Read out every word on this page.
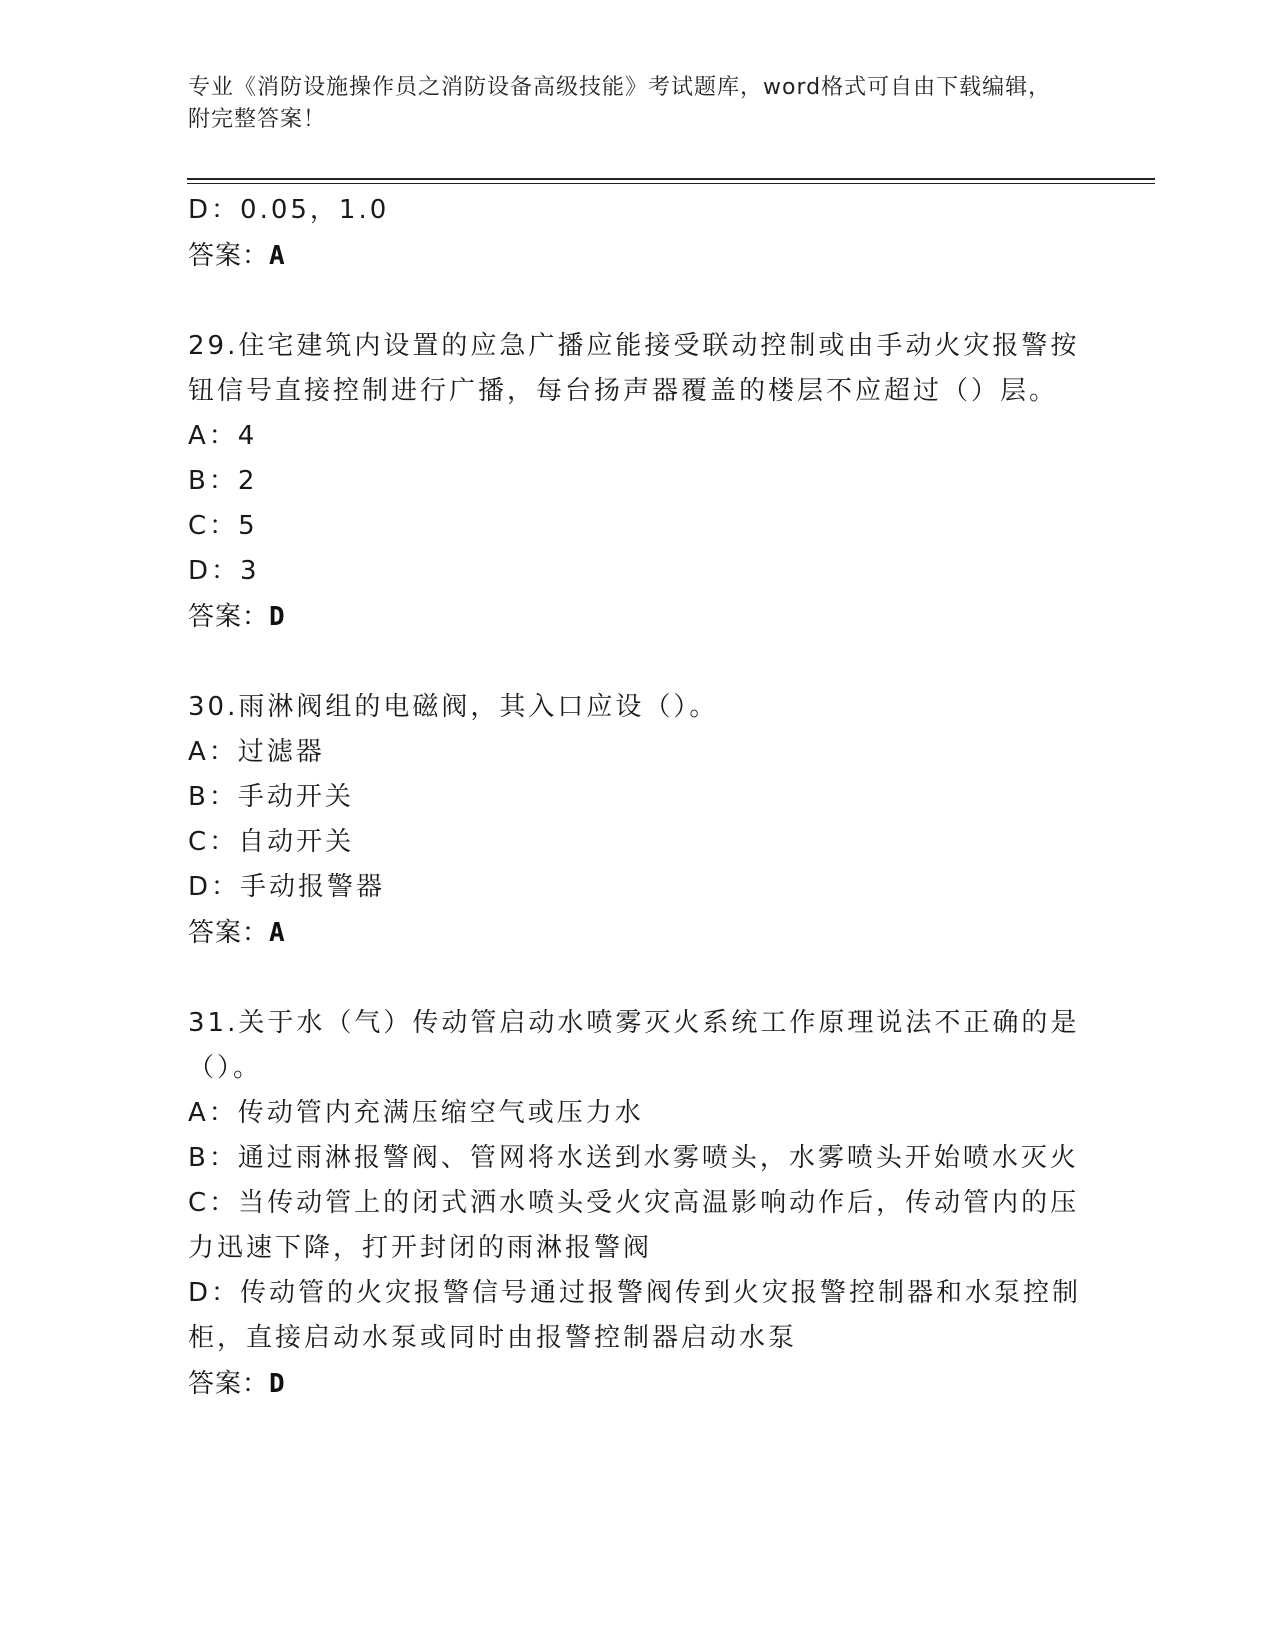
专业《消防设施操作员之消防设备高级技能》考试题库，word格式可自由下载编辑，附完整答案！
D：0.05，1.0
答案：A
29.住宅建筑内设置的应急广播应能接受联动控制或由手动火灾报警按
钮信号直接控制进行广播，每台扬声器覆盖的楼层不应超过（）层。
A：4
B：2
C：5
D：3
答案：D
30.雨淋阀组的电磁阀，其入口应设（）。
A：过滤器
B：手动开关
C：自动开关
D：手动报警器
答案：A
31.关于水（气）传动管启动水喷雾灭火系统工作原理说法不正确的是
（）。
A：传动管内充满压缩空气或压力水
B：通过雨淋报警阀、管网将水送到水雾喷头，水雾喷头开始喷水灭火
C：当传动管上的闭式洒水喷头受火灾高温影响动作后，传动管内的压
力迅速下降，打开封闭的雨淋报警阀
D：传动管的火灾报警信号通过报警阀传到火灾报警控制器和水泵控制
柜，直接启动水泵或同时由报警控制器启动水泵
答案：D
